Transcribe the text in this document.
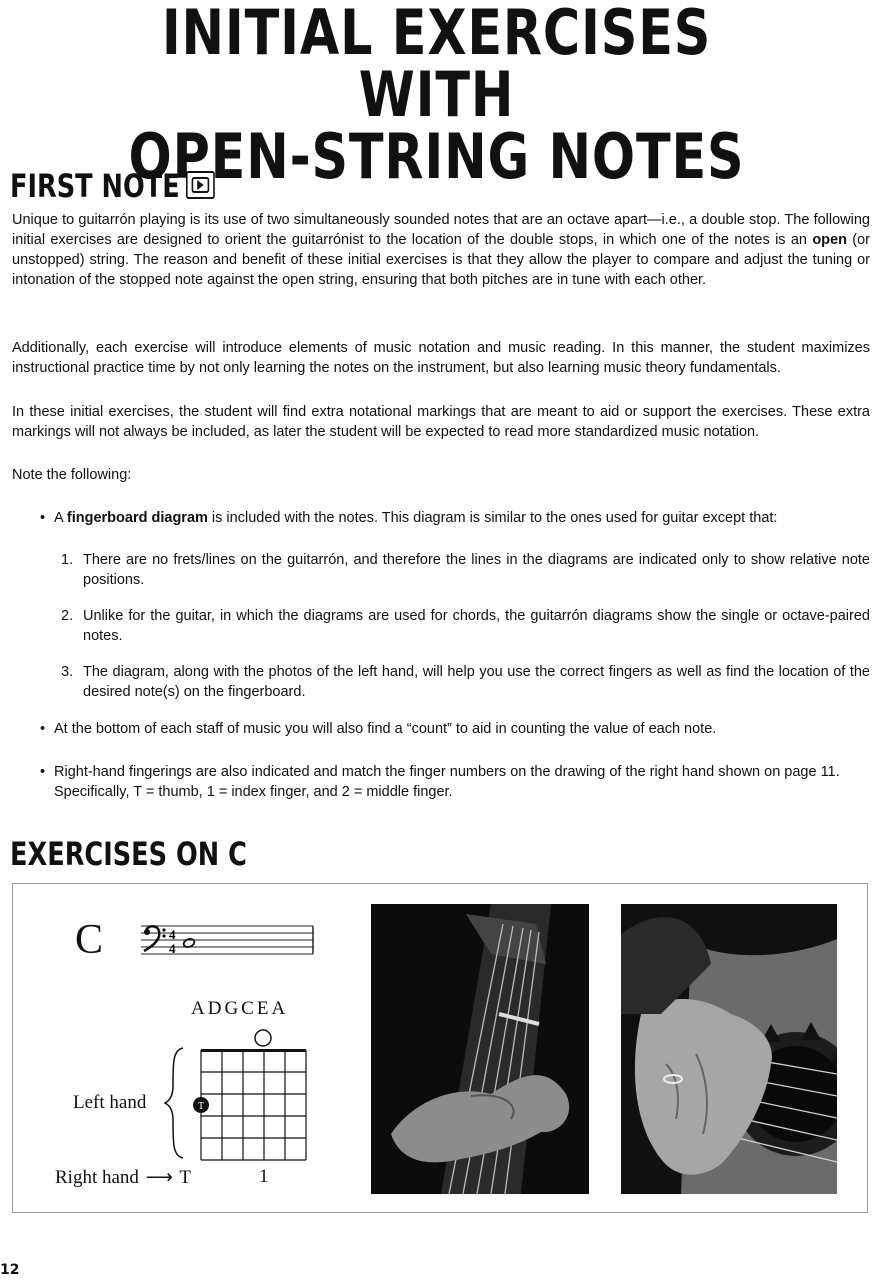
INITIAL EXERCISES WITH
OPEN-STRING NOTES
FIRST NOTE

Unique to guitarrón playing is its use of two simultaneously sounded notes that are an octave apart—i.e., a double stop. The following initial exercises are designed to orient the guitarrónist to the location of the double stops, in which one of the notes is an open (or unstopped) string. The reason and benefit of these initial exercises is that they allow the player to compare and adjust the tuning or intonation of the stopped note against the open string, ensuring that both pitches are in tune with each other.

Additionally, each exercise will introduce elements of music notation and music reading. In this manner, the student maximizes instructional practice time by not only learning the notes on the instrument, but also learning music theory fundamentals.

In these initial exercises, the student will find extra notational markings that are meant to aid or support the exercises. These extra markings will not always be included, as later the student will be expected to read more standardized music notation.

Note the following:

• A fingerboard diagram is included with the notes. This diagram is similar to the ones used for guitar except that:
1. There are no frets/lines on the guitarrón, and therefore the lines in the diagrams are indicated only to show relative note positions.
2. Unlike for the guitar, in which the diagrams are used for chords, the guitarrón diagrams show the single or octave-paired notes.
3. The diagram, along with the photos of the left hand, will help you use the correct fingers as well as find the location of the desired note(s) on the fingerboard.
• At the bottom of each staff of music you will also find a “count” to aid in counting the value of each note.
• Right-hand fingerings are also indicated and match the finger numbers on the drawing of the right hand shown on page 11. Specifically, T = thumb, 1 = index finger, and 2 = middle finger.
EXERCISES ON C
C	4
4
ADGCEA
T
Left hand
Right hand ⟶ T	1
12
